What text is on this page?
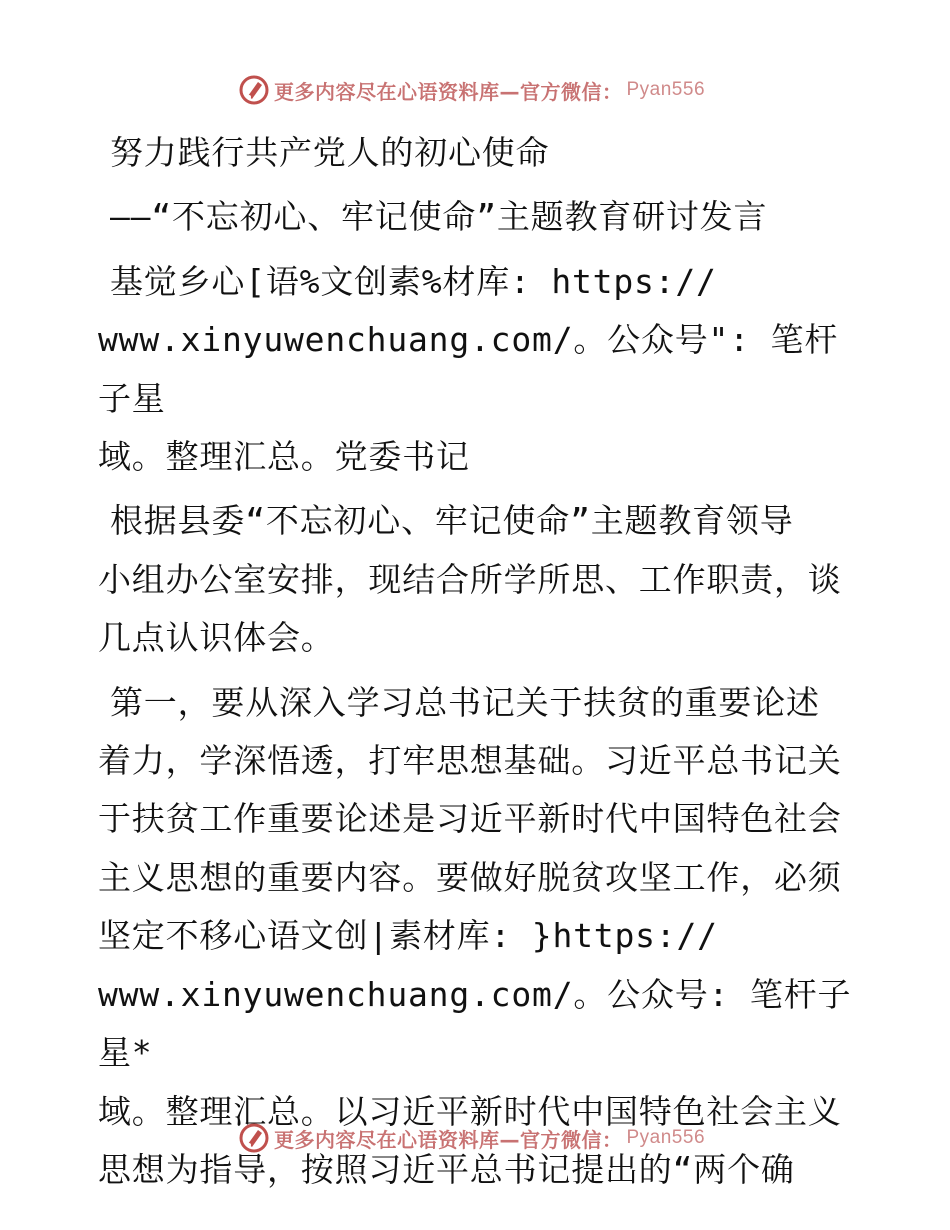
更多内容尽在心语资料库—官方微信： Pyan556

努力践行共产党人的初心使命

——“不忘初心、牢记使命”主题教育研讨发言

基觉乡心[语%文创素%材库: https://

www.xinyuwenchuang.com/。公众号": 笔杆子星

域。整理汇总。党委书记

根据县委“不忘初心、牢记使命”主题教育领导

小组办公室安排，现结合所学所思、工作职责，谈

几点认识体会。

第一，要从深入学习总书记关于扶贫的重要论述

着力，学深悟透，打牢思想基础。习近平总书记关

于扶贫工作重要论述是习近平新时代中国特色社会

主义思想的重要内容。要做好脱贫攻坚工作，必须

坚定不移心语文创|素材库: }https://

www.xinyuwenchuang.com/。公众号: 笔杆子星*

域。整理汇总。以习近平新时代中国特色社会主义

思想为指导，按照习近平总书记提出的“两个确

更多内容尽在心语资料库—官方微信： Pyan556
